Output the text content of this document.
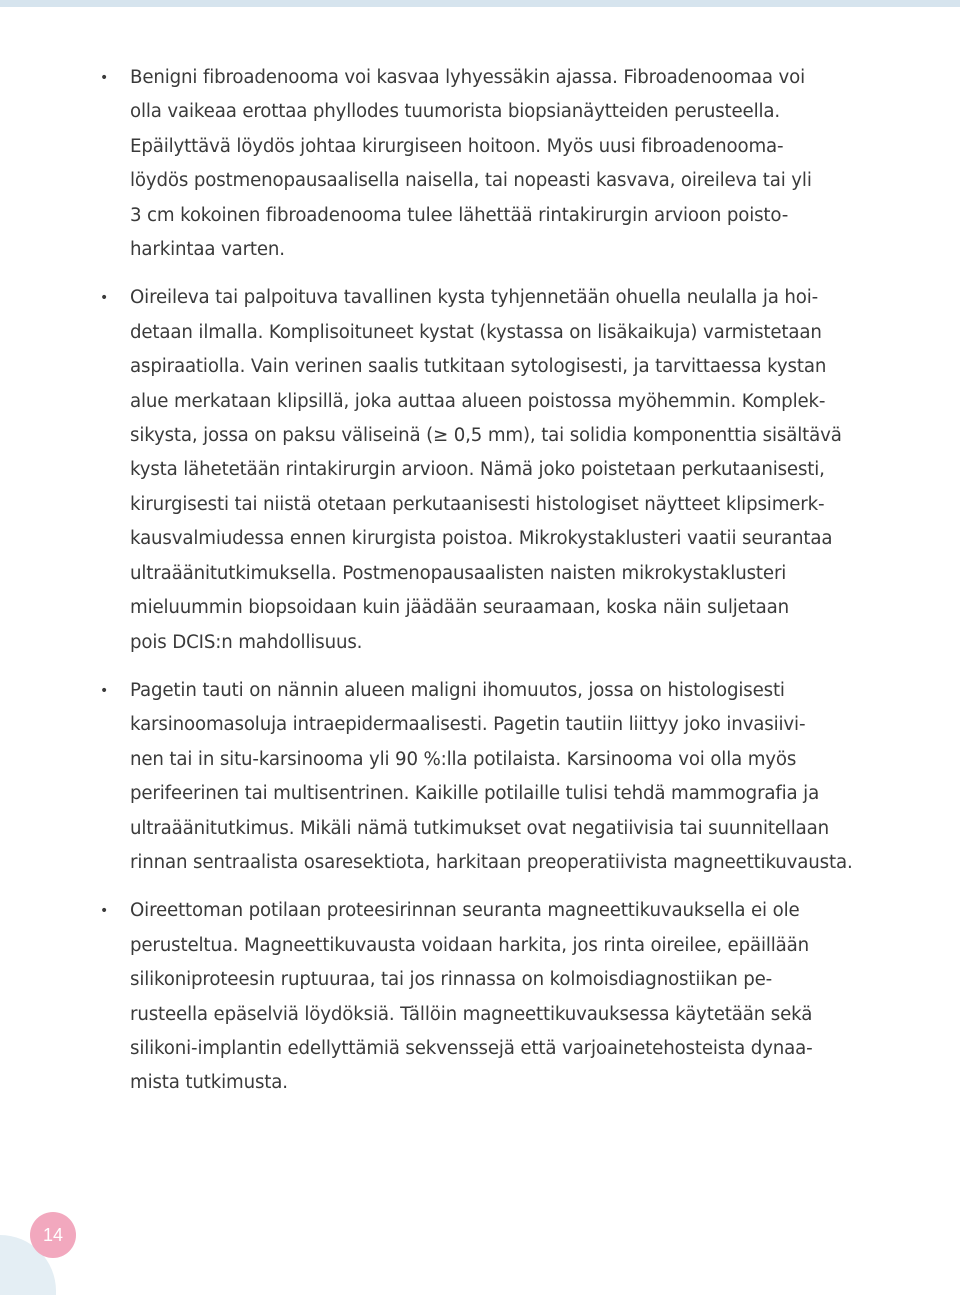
• Benigni fibroadenooma voi kasvaa lyhyessäkin ajassa. Fibroadenoomaa voi
olla vaikeaa erottaa phyllodes tuumorista biopsianäytteiden perusteella.
Epäilyttävä löydös johtaa kirurgiseen hoitoon. Myös uusi fibroadenooma-
löydös postmenopausaalisella naisella, tai nopeasti kasvava, oireileva tai yli
3 cm kokoinen fibroadenooma tulee lähettää rintakirurgin arvioon poisto-
harkintaa varten.
• Oireileva tai palpoituva tavallinen kysta tyhjennetään ohuella neulalla ja hoi-
detaan ilmalla. Komplisoituneet kystat (kystassa on lisäkaikuja) varmistetaan
aspiraatiolla. Vain verinen saalis tutkitaan sytologisesti, ja tarvittaessa kystan
alue merkataan klipsillä, joka auttaa alueen poistossa myöhemmin. Komplek-
sikysta, jossa on paksu väliseinä (≥ 0,5 mm), tai solidia komponenttia sisältävä
kysta lähetetään rintakirurgin arvioon. Nämä joko poistetaan perkutaanisesti,
kirurgisesti tai niistä otetaan perkutaanisesti histologiset näytteet klipsimerk-
kausvalmiudessa ennen kirurgista poistoa. Mikrokystaklusteri vaatii seurantaa
ultraäänitutkimuksella. Postmenopausaalisten naisten mikrokystaklusteri
mieluummin biopsoidaan kuin jäädään seuraamaan, koska näin suljetaan
pois DCIS:n mahdollisuus.
• Pagetin tauti on nännin alueen maligni ihomuutos, jossa on histologisesti
karsinoomasoluja intraepidermaalisesti. Pagetin tautiin liittyy joko invasiivi-
nen tai in situ-karsinooma yli 90 %:lla potilaista. Karsinooma voi olla myös
perifeerinen tai multisentrinen. Kaikille potilaille tulisi tehdä mammografia ja
ultraäänitutkimus. Mikäli nämä tutkimukset ovat negatiivisia tai suunnitellaan
rinnan sentraalista osaresektiota, harkitaan preoperatiivista magneettikuvausta.
• Oireettoman potilaan proteesirinnan seuranta magneettikuvauksella ei ole
perusteltua. Magneettikuvausta voidaan harkita, jos rinta oireilee, epäillään
silikoniproteesin ruptuuraa, tai jos rinnassa on kolmoisdiagnostiikan pe-
rusteella epäselviä löydöksiä. Tällöin magneettikuvauksessa käytetään sekä
silikoni-implantin edellyttämiä sekvenssejä että varjoainetehosteista dynaa-
mista tutkimusta.
14
